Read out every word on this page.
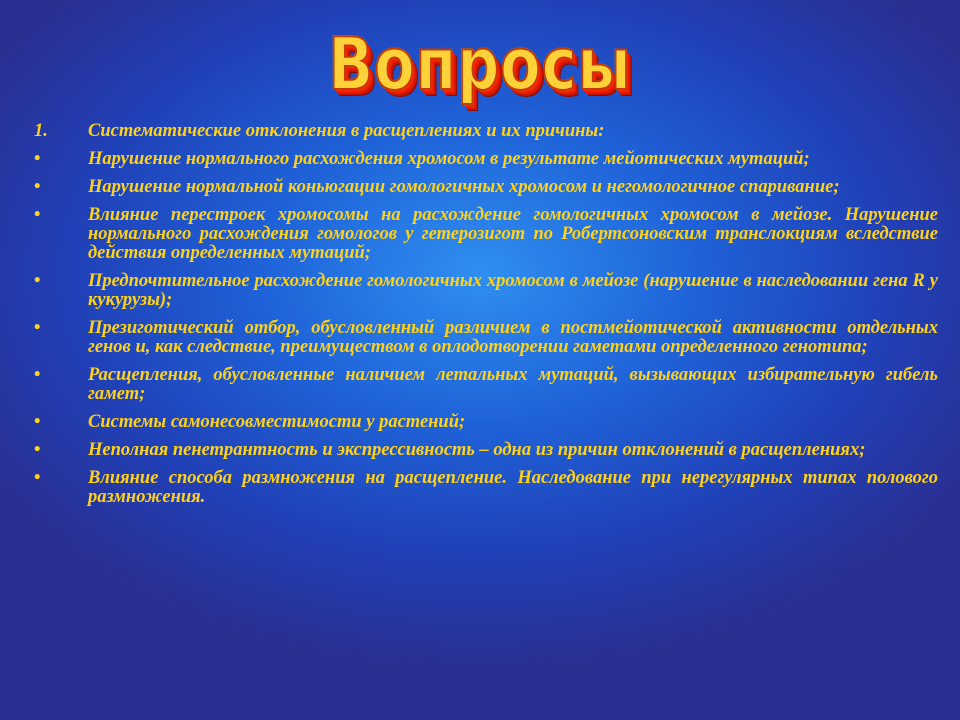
Вопросы
1.	Систематические отклонения в расщеплениях и их причины:
•	Нарушение нормального расхождения хромосом в результате мейотических мутаций;
•	Нарушение нормальной коньюгации гомологичных хромосом и негомологичное спаривание;
•	Влияние перестроек хромосомы на расхождение гомологичных хромосом в мейозе. Нарушение нормального расхождения гомологов у гетерозигот по Робертсоновским транслокциям вследствие действия определенных мутаций;
•	Предпочтительное расхождение гомологичных хромосом в мейозе (нарушение в наследовании гена R у кукурузы);
•	Презиготический отбор, обусловленный различием в постмейотической активности отдельных генов и, как следствие, преимуществом в оплодотворении гаметами определенного генотипа;
•	Расщепления, обусловленные наличием летальных мутаций, вызывающих избирательную гибель гамет;
•	Системы самонесовместимости у растений;
•	Неполная пенетрантность и экспрессивность – одна из причин отклонений в расщеплениях;
•	Влияние способа размножения на расщепление. Наследование при нерегулярных типах полового размножения.
